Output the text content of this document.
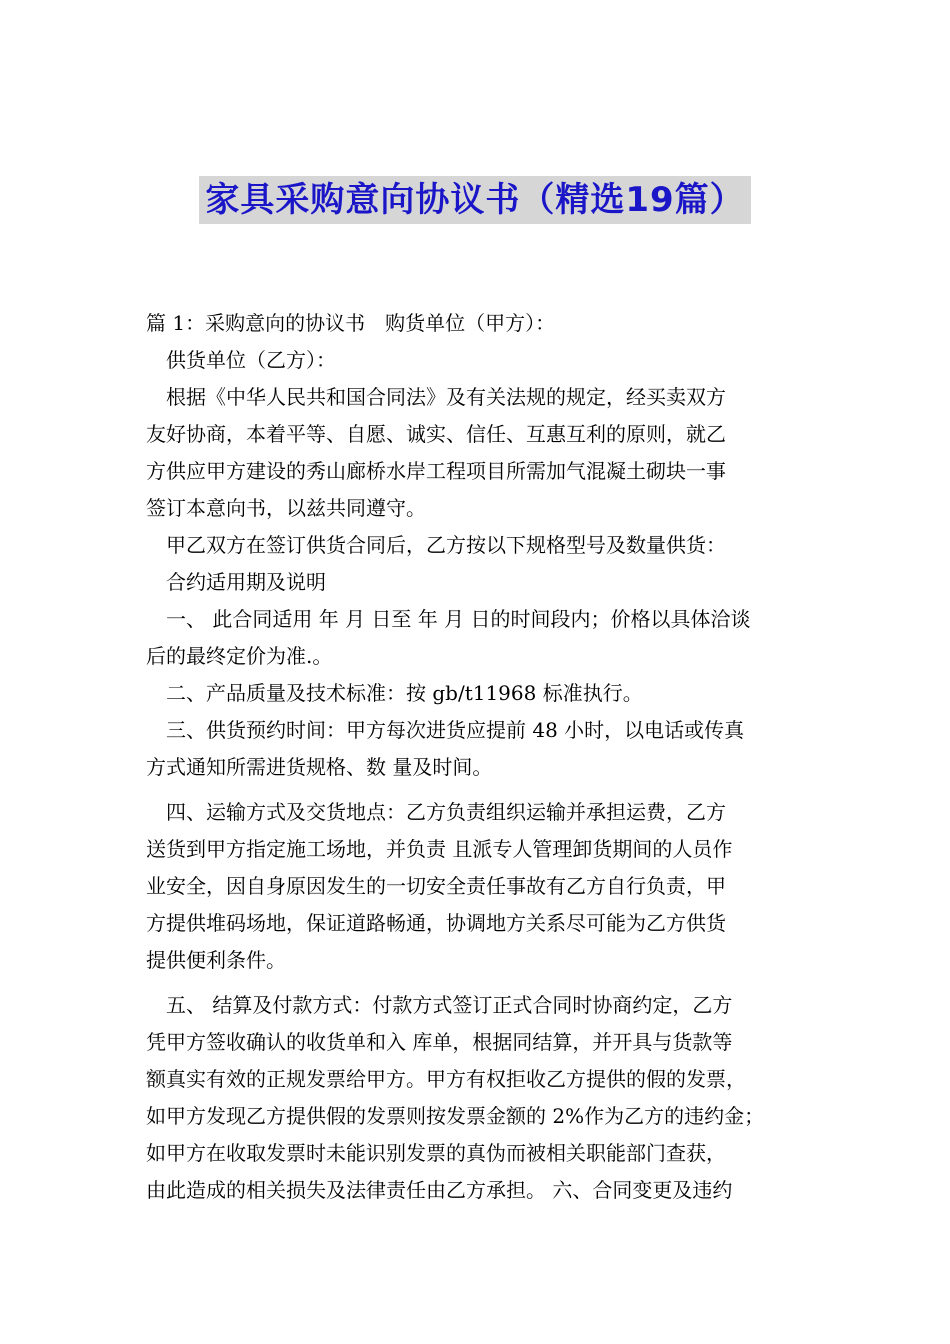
家具采购意向协议书（精选19篇）

篇 1：采购意向的协议书　购货单位（甲方）：

　供货单位（乙方）：

　根据《中华人民共和国合同法》及有关法规的规定，经买卖双方

友好协商，本着平等、自愿、诚实、信任、互惠互利的原则，就乙

方供应甲方建设的秀山廊桥水岸工程项目所需加气混凝土砌块一事

签订本意向书，以兹共同遵守。

　甲乙双方在签订供货合同后，乙方按以下规格型号及数量供货：

　合约适用期及说明

　一、 此合同适用 年 月 日至 年 月 日的时间段内；价格以具体洽谈

后的最终定价为准.。

　二、产品质量及技术标准：按 gb/t11968 标准执行。

　三、供货预约时间：甲方每次进货应提前 48 小时，以电话或传真

方式通知所需进货规格、数 量及时间。

　四、运输方式及交货地点：乙方负责组织运输并承担运费，乙方

送货到甲方指定施工场地，并负责 且派专人管理卸货期间的人员作

业安全，因自身原因发生的一切安全责任事故有乙方自行负责，甲

方提供堆码场地，保证道路畅通，协调地方关系尽可能为乙方供货

提供便利条件。

　五、 结算及付款方式：付款方式签订正式合同时协商约定，乙方

凭甲方签收确认的收货单和入 库单，根据同结算，并开具与货款等

额真实有效的正规发票给甲方。甲方有权拒收乙方提供的假的发票，

如甲方发现乙方提供假的发票则按发票金额的 2%作为乙方的违约金；

如甲方在收取发票时未能识别发票的真伪而被相关职能部门查获，

由此造成的相关损失及法律责任由乙方承担。 六、合同变更及违约
